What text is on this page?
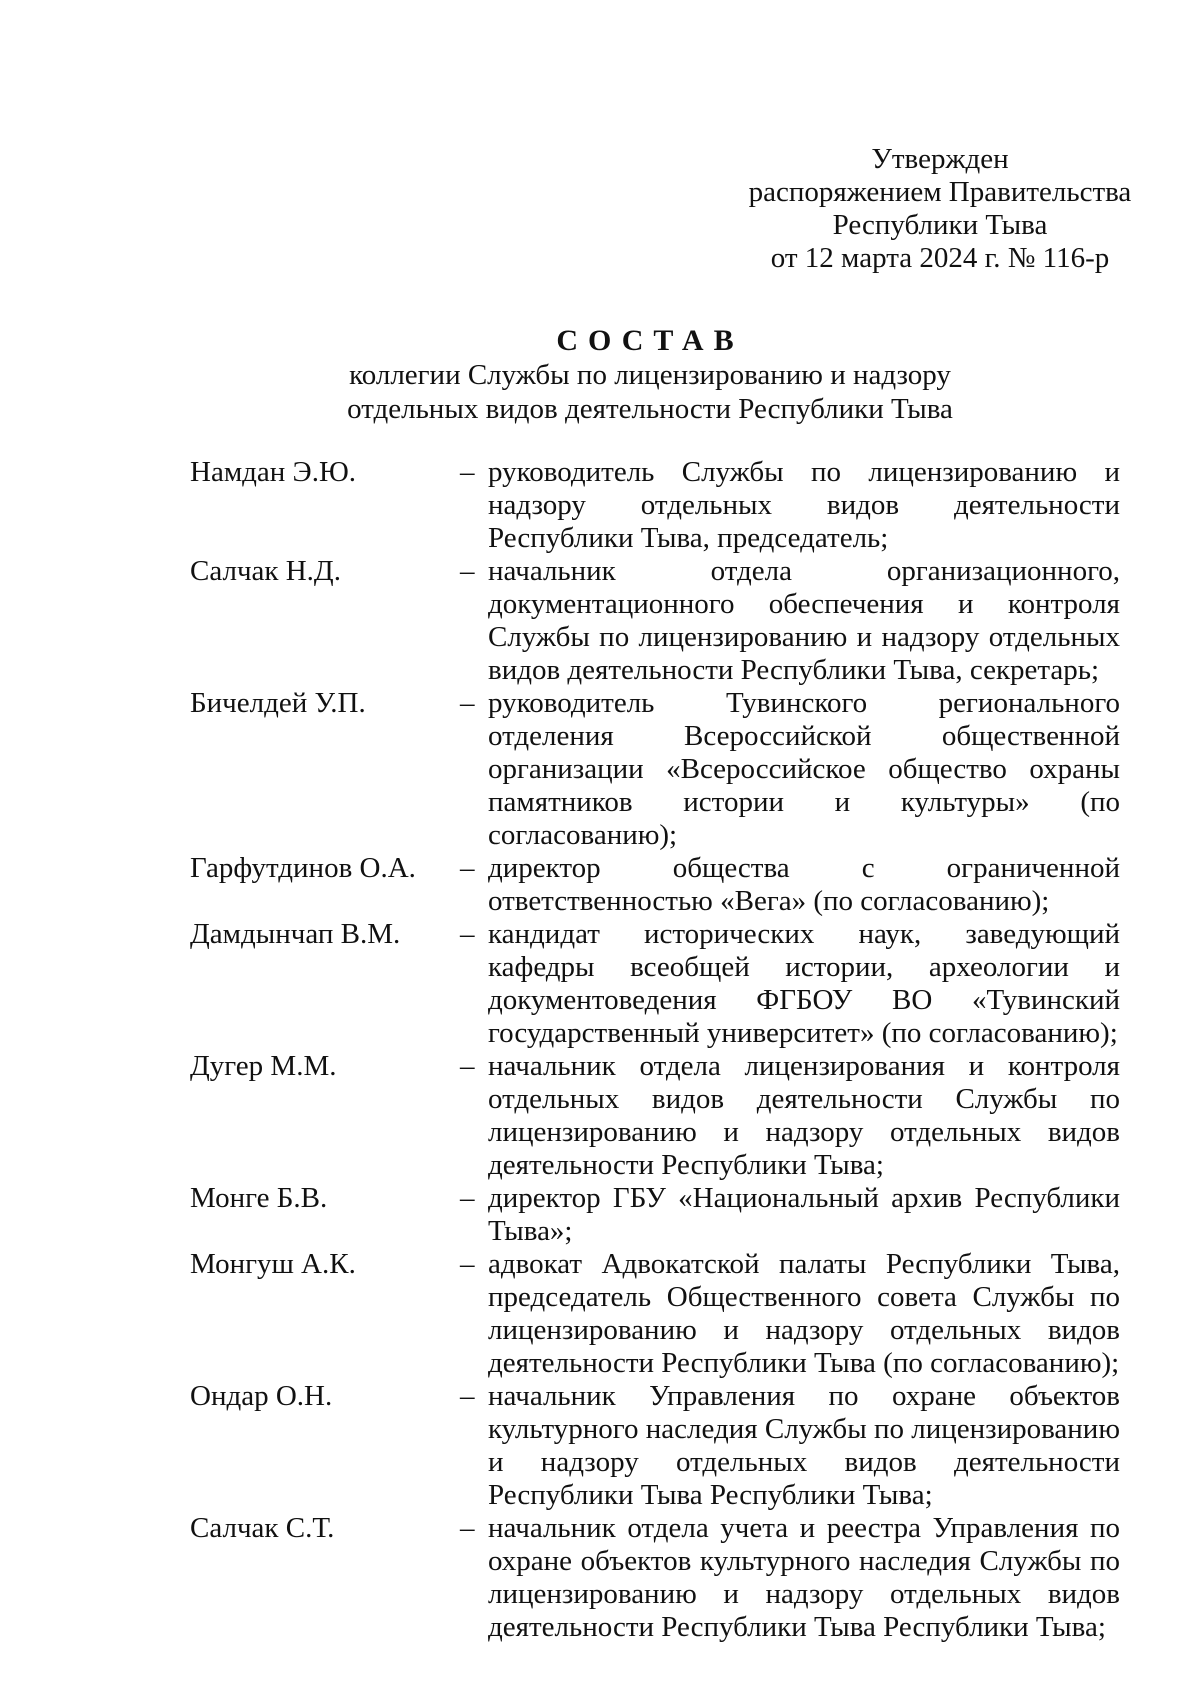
Утвержден
распоряжением Правительства
Республики Тыва
от 12 марта 2024 г. № 116-р
СОСТАВ
коллегии Службы по лицензированию и надзору
отдельных видов деятельности Республики Тыва
Намдан Э.Ю.	– руководитель Службы по лицензированию и надзору отдельных видов деятельности Республики Тыва, председатель;
Салчак Н.Д.	– начальник отдела организационного, документационного обеспечения и контроля Службы по лицензированию и надзору отдельных видов деятельности Республики Тыва, секретарь;
Бичелдей У.П.	– руководитель Тувинского регионального отделения Всероссийской общественной организации «Всероссийское общество охраны памятников истории и культуры» (по согласованию);
Гарфутдинов О.А.	– директор общества с ограниченной ответственностью «Вега» (по согласованию);
Дамдынчап В.М.	– кандидат исторических наук, заведующий кафедры всеобщей истории, археологии и документоведения ФГБОУ ВО «Тувинский государственный университет» (по согласованию);
Дугер М.М.	– начальник отдела лицензирования и контроля отдельных видов деятельности Службы по лицензированию и надзору отдельных видов деятельности Республики Тыва;
Монге Б.В.	– директор ГБУ «Национальный архив Республики Тыва»;
Монгуш А.К.	– адвокат Адвокатской палаты Республики Тыва, председатель Общественного совета Службы по лицензированию и надзору отдельных видов деятельности Республики Тыва (по согласованию);
Ондар О.Н.	– начальник Управления по охране объектов культурного наследия Службы по лицензированию и надзору отдельных видов деятельности Республики Тыва Республики Тыва;
Салчак С.Т.	– начальник отдела учета и реестра Управления по охране объектов культурного наследия Службы по лицензированию и надзору отдельных видов деятельности Республики Тыва Республики Тыва;
